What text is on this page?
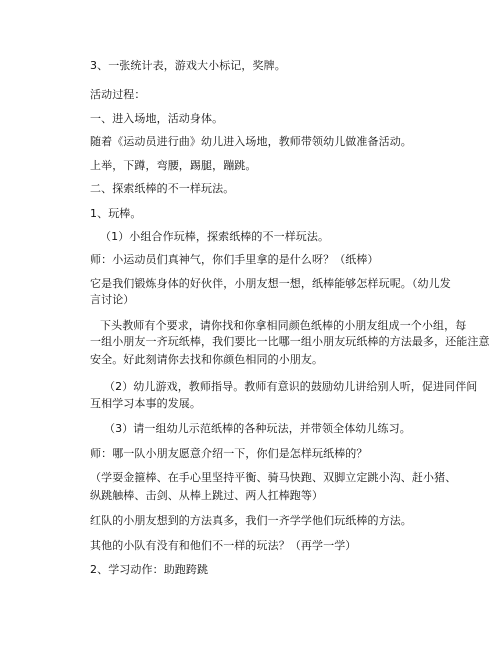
3、一张统计表，游戏大小标记，奖牌。
活动过程：
一、进入场地，活动身体。
随着《运动员进行曲》幼儿进入场地，教师带领幼儿做准备活动。
上举，下蹲，弯腰，踢腿，蹦跳。
二、探索纸棒的不一样玩法。
1、玩棒。
（1）小组合作玩棒，探索纸棒的不一样玩法。
师：小运动员们真神气，你们手里拿的是什么呀？（纸棒）
它是我们锻炼身体的好伙伴，小朋友想一想，纸棒能够怎样玩呢。（幼儿发
言讨论）
下头教师有个要求，请你找和你拿相同颜色纸棒的小朋友组成一个小组，每
一组小朋友一齐玩纸棒，我们要比一比哪一组小朋友玩纸棒的方法最多，还能注意
安全。好此刻请你去找和你颜色相同的小朋友。
（2）幼儿游戏，教师指导。教师有意识的鼓励幼儿讲给别人听，促进同伴间
互相学习本事的发展。
（3）请一组幼儿示范纸棒的各种玩法，并带领全体幼儿练习。
师：哪一队小朋友愿意介绍一下，你们是怎样玩纸棒的？
（学耍金箍棒、在手心里坚持平衡、骑马快跑、双脚立定跳小沟、赶小猪、
纵跳触棒、击剑、从棒上跳过、两人扛棒跑等）
红队的小朋友想到的方法真多，我们一齐学学他们玩纸棒的方法。
其他的小队有没有和他们不一样的玩法？（再学一学）
2、学习动作：助跑跨跳
